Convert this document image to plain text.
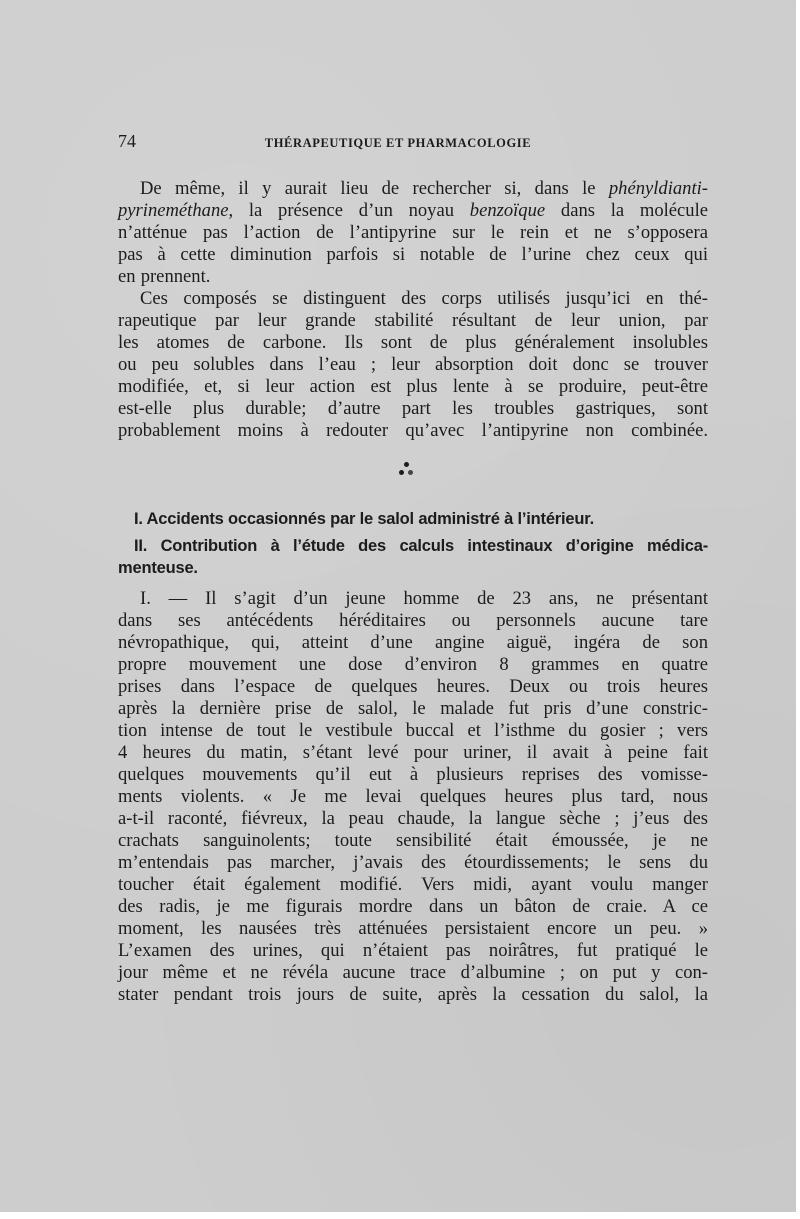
74	THÉRAPEUTIQUE ET PHARMACOLOGIE
De même, il y aurait lieu de rechercher si, dans le phényldianti-
pyrineméthane, la présence d’un noyau benzoïque dans la molécule
n’atténue pas l’action de l’antipyrine sur le rein et ne s’opposera
pas à cette diminution parfois si notable de l’urine chez ceux qui
en prennent.
Ces composés se distinguent des corps utilisés jusqu’ici en thé-
rapeutique par leur grande stabilité résultant de leur union, par
les atomes de carbone. Ils sont de plus généralement insolubles
ou peu solubles dans l’eau ; leur absorption doit donc se trouver
modifiée, et, si leur action est plus lente à se produire, peut-être
est-elle plus durable; d’autre part les troubles gastriques, sont
probablement moins à redouter qu’avec l’antipyrine non combinée.
I. Accidents occasionnés par le salol administré à l’intérieur.
II. Contribution à l’étude des calculs intestinaux d’origine médica-
menteuse.
I. — Il s’agit d’un jeune homme de 23 ans, ne présentant
dans ses antécédents héréditaires ou personnels aucune tare
névropathique, qui, atteint d’une angine aiguë, ingéra de son
propre mouvement une dose d’environ 8 grammes en quatre
prises dans l’espace de quelques heures. Deux ou trois heures
après la dernière prise de salol, le malade fut pris d’une constric-
tion intense de tout le vestibule buccal et l’isthme du gosier ; vers
4 heures du matin, s’étant levé pour uriner, il avait à peine fait
quelques mouvements qu’il eut à plusieurs reprises des vomisse-
ments violents. « Je me levai quelques heures plus tard, nous
a-t-il raconté, fiévreux, la peau chaude, la langue sèche ; j’eus des
crachats sanguinolents; toute sensibilité était émoussée, je ne
m’entendais pas marcher, j’avais des étourdissements; le sens du
toucher était également modifié. Vers midi, ayant voulu manger
des radis, je me figurais mordre dans un bâton de craie. A ce
moment, les nausées très atténuées persistaient encore un peu. »
L’examen des urines, qui n’étaient pas noirâtres, fut pratiqué le
jour même et ne révéla aucune trace d’albumine ; on put y con-
stater pendant trois jours de suite, après la cessation du salol, la
